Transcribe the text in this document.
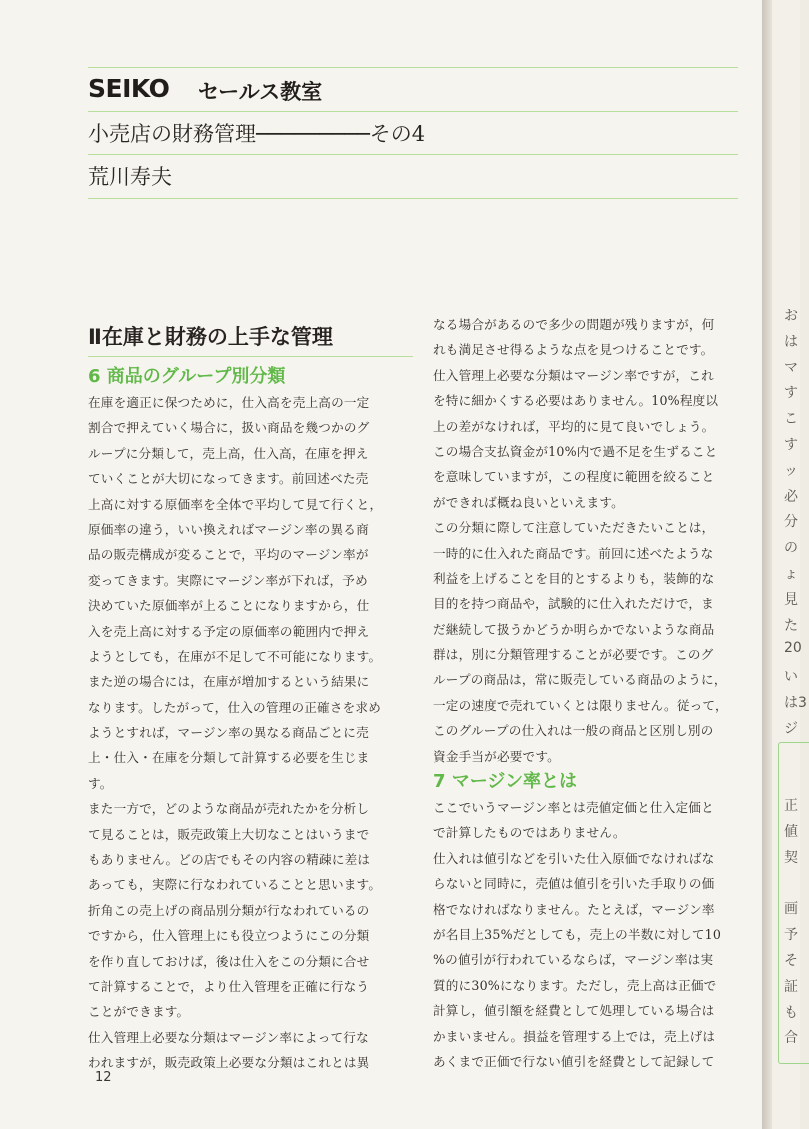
SEIKO セールス教室
小売店の財務管理─────────その4
荒川寿夫
Ⅱ在庫と財務の上手な管理
6 商品のグループ別分類
在庫を適正に保つために，仕入高を売上高の一定
割合で押えていく場合に，扱い商品を幾つかのグ
ループに分類して，売上高，仕入高，在庫を押え
ていくことが大切になってきます。前回述べた売
上高に対する原価率を全体で平均して見て行くと，
原価率の違う，いい換えればマージン率の異る商
品の販売構成が変ることで，平均のマージン率が
変ってきます。実際にマージン率が下れば，予め
決めていた原価率が上ることになりますから，仕
入を売上高に対する予定の原価率の範囲内で押え
ようとしても，在庫が不足して不可能になります。
また逆の場合には，在庫が増加するという結果に
なります。したがって，仕入の管理の正確さを求め
ようとすれば，マージン率の異なる商品ごとに売
上・仕入・在庫を分類して計算する必要を生じま
す。
また一方で，どのような商品が売れたかを分析し
て見ることは，販売政策上大切なことはいうまで
もありません。どの店でもその内容の精疎に差は
あっても，実際に行なわれていることと思います。
折角この売上げの商品別分類が行なわれているの
ですから，仕入管理上にも役立つようにこの分類
を作り直しておけば，後は仕入をこの分類に合せ
て計算することで，より仕入管理を正確に行なう
ことができます。
仕入管理上必要な分類はマージン率によって行な
われますが，販売政策上必要な分類はこれとは異
なる場合があるので多少の問題が残りますが，何
れも満足させ得るような点を見つけることです。
仕入管理上必要な分類はマージン率ですが，これ
を特に細かくする必要はありません。10%程度以
上の差がなければ，平均的に見て良いでしょう。
この場合支払資金が10%内で過不足を生ずること
を意味していますが，この程度に範囲を絞ること
ができれば概ね良いといえます。
この分類に際して注意していただきたいことは，
一時的に仕入れた商品です。前回に述べたような
利益を上げることを目的とするよりも，装飾的な
目的を持つ商品や，試験的に仕入れただけで，ま
だ継続して扱うかどうか明らかでないような商品
群は，別に分類管理することが必要です。このグ
ループの商品は，常に販売している商品のように，
一定の速度で売れていくとは限りません。従って，
このグループの仕入れは一般の商品と区別し別の
資金手当が必要です。
7 マージン率とは
ここでいうマージン率とは売値定価と仕入定価と
で計算したものではありません。
仕入れは値引などを引いた仕入原価でなければな
らないと同時に，売値は値引を引いた手取りの価
格でなければなりません。たとえば，マージン率
が名目上35%だとしても，売上の半数に対して10
%の値引が行われているならば，マージン率は実
質的に30%になります。ただし，売上高は正価で
計算し，値引額を経費として処理している場合は
かまいません。損益を管理する上では，売上げは
あくまで正価で行ない値引を経費として記録して
12
お
は
マ
す
こ
す
ッ
必
分
の
ょ
見
た
20
い
は3
ジ
正
値
契
画
予
そ
証
も
合
